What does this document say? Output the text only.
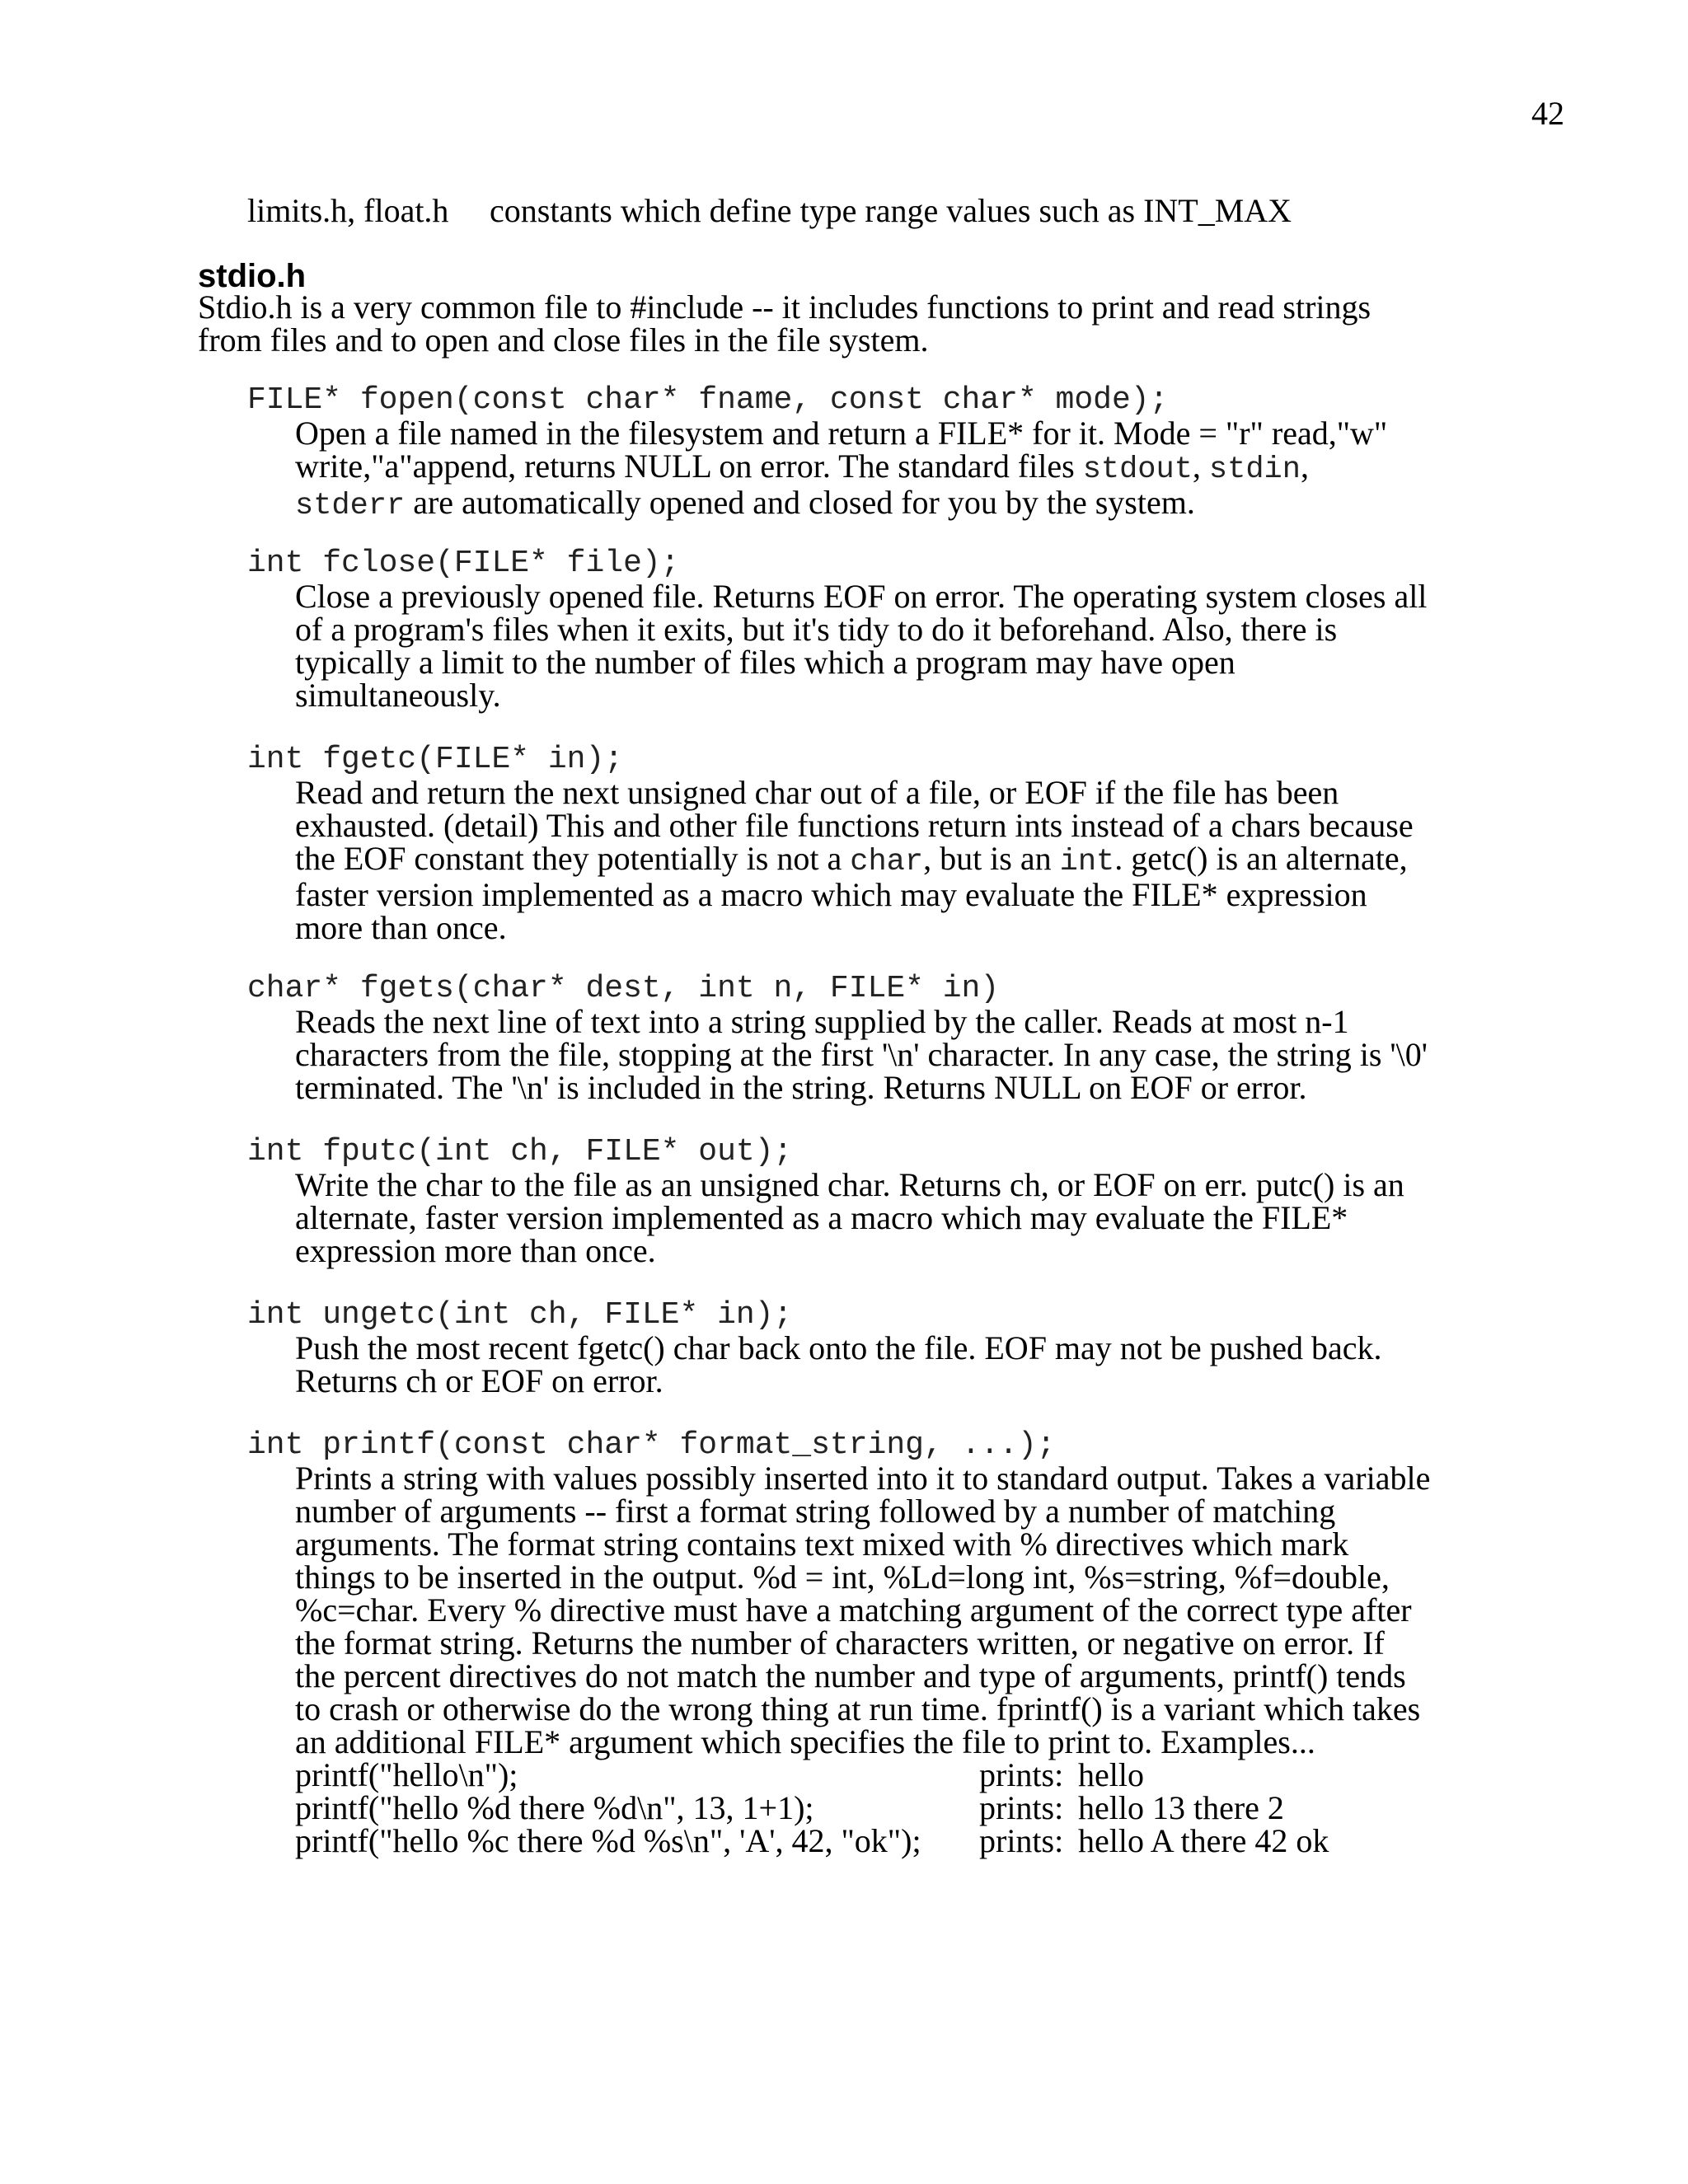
42
limits.h, float.h constants which define type range values such as INT_MAX
stdio.h
Stdio.h is a very common file to #include -- it includes functions to print and read strings
from files and to open and close files in the file system.
FILE* fopen(const char* fname, const char* mode);

Open a file named in the filesystem and return a FILE* for it. Mode = "r" read,"w"

write,"a"append, returns NULL on error. The standard files stdout, stdin,

stderr are automatically opened and closed for you by the system.

int fclose(FILE* file);

Close a previously opened file. Returns EOF on error. The operating system closes all

of a program's files when it exits, but it's tidy to do it beforehand. Also, there is

typically a limit to the number of files which a program may have open

simultaneously.

int fgetc(FILE* in);

Read and return the next unsigned char out of a file, or EOF if the file has been

exhausted. (detail) This and other file functions return ints instead of a chars because

the EOF constant they potentially is not a char, but is an int. getc() is an alternate,

faster version implemented as a macro which may evaluate the FILE* expression

more than once.

char* fgets(char* dest, int n, FILE* in)

Reads the next line of text into a string supplied by the caller. Reads at most n-1

characters from the file, stopping at the first '\n' character. In any case, the string is '\0'

terminated. The '\n' is included in the string. Returns NULL on EOF or error.

int fputc(int ch, FILE* out);

Write the char to the file as an unsigned char. Returns ch, or EOF on err. putc() is an

alternate, faster version implemented as a macro which may evaluate the FILE*

expression more than once.

int ungetc(int ch, FILE* in);

Push the most recent fgetc() char back onto the file. EOF may not be pushed back.

Returns ch or EOF on error.

int printf(const char* format_string, ...);

Prints a string with values possibly inserted into it to standard output. Takes a variable

number of arguments -- first a format string followed by a number of matching

arguments. The format string contains text mixed with % directives which mark

things to be inserted in the output. %d = int, %Ld=long int, %s=string, %f=double,

%c=char. Every % directive must have a matching argument of the correct type after

the format string. Returns the number of characters written, or negative on error. If

the percent directives do not match the number and type of arguments, printf() tends

to crash or otherwise do the wrong thing at run time. fprintf() is a variant which takes

an additional FILE* argument which specifies the file to print to. Examples...

printf("hello\n");	prints: hello
printf("hello %d there %d\n", 13, 1+1);	prints: hello 13 there 2
printf("hello %c there %d %s\n", 'A', 42, "ok"); prints: hello A there 42 ok
